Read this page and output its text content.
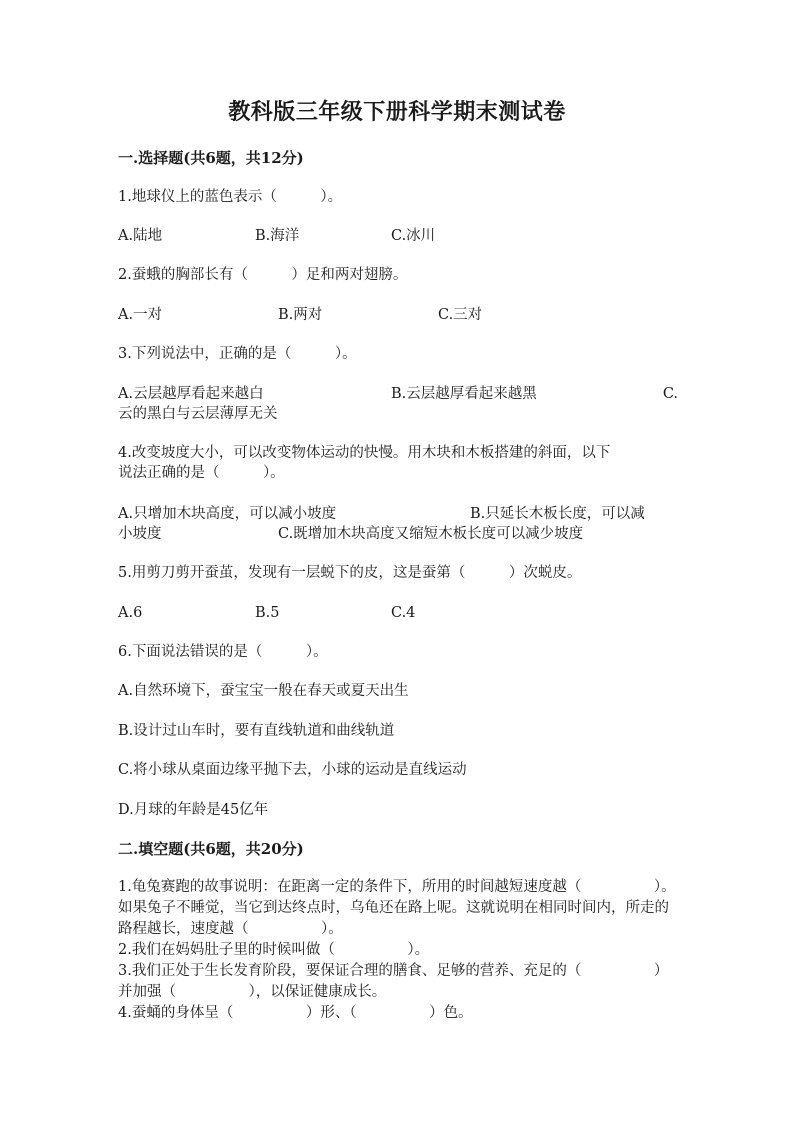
教科版三年级下册科学期末测试卷
一.选择题(共6题，共12分)
1.地球仪上的蓝色表示（　　　）。
A.陆地	B.海洋	C.冰川
2.蚕蛾的胸部长有（　　　）足和两对翅膀。
A.一对	B.两对	C.三对
3.下列说法中，正确的是（　　　）。
A.云层越厚看起来越白	B.云层越厚看起来越黑	C.
云的黑白与云层薄厚无关
4.改变坡度大小，可以改变物体运动的快慢。用木块和木板搭建的斜面，以下
说法正确的是（　　　）。
A.只增加木块高度，可以减小坡度	B.只延长木板长度，可以减
小坡度	C.既增加木块高度又缩短木板长度可以减少坡度
5.用剪刀剪开蚕茧，发现有一层蜕下的皮，这是蚕第（　　　）次蜕皮。
A.6	B.5	C.4
6.下面说法错误的是（　　　）。
A.自然环境下，蚕宝宝一般在春天或夏天出生
B.设计过山车时，要有直线轨道和曲线轨道
C.将小球从桌面边缘平抛下去，小球的运动是直线运动
D.月球的年龄是45亿年
二.填空题(共6题，共20分)
1.龟兔赛跑的故事说明：在距离一定的条件下，所用的时间越短速度越（　　　　　）。如果兔子不睡觉，当它到达终点时，乌龟还在路上呢。这就说明在相同时间内，所走的路程越长，速度越（　　　　　）。
2.我们在妈妈肚子里的时候叫做（　　　　　）。
3.我们正处于生长发育阶段，要保证合理的膳食、足够的营养、充足的（　　　　　）并加强（　　　　　），以保证健康成长。
4.蚕蛹的身体呈（　　　　　）形、（　　　　　）色。
